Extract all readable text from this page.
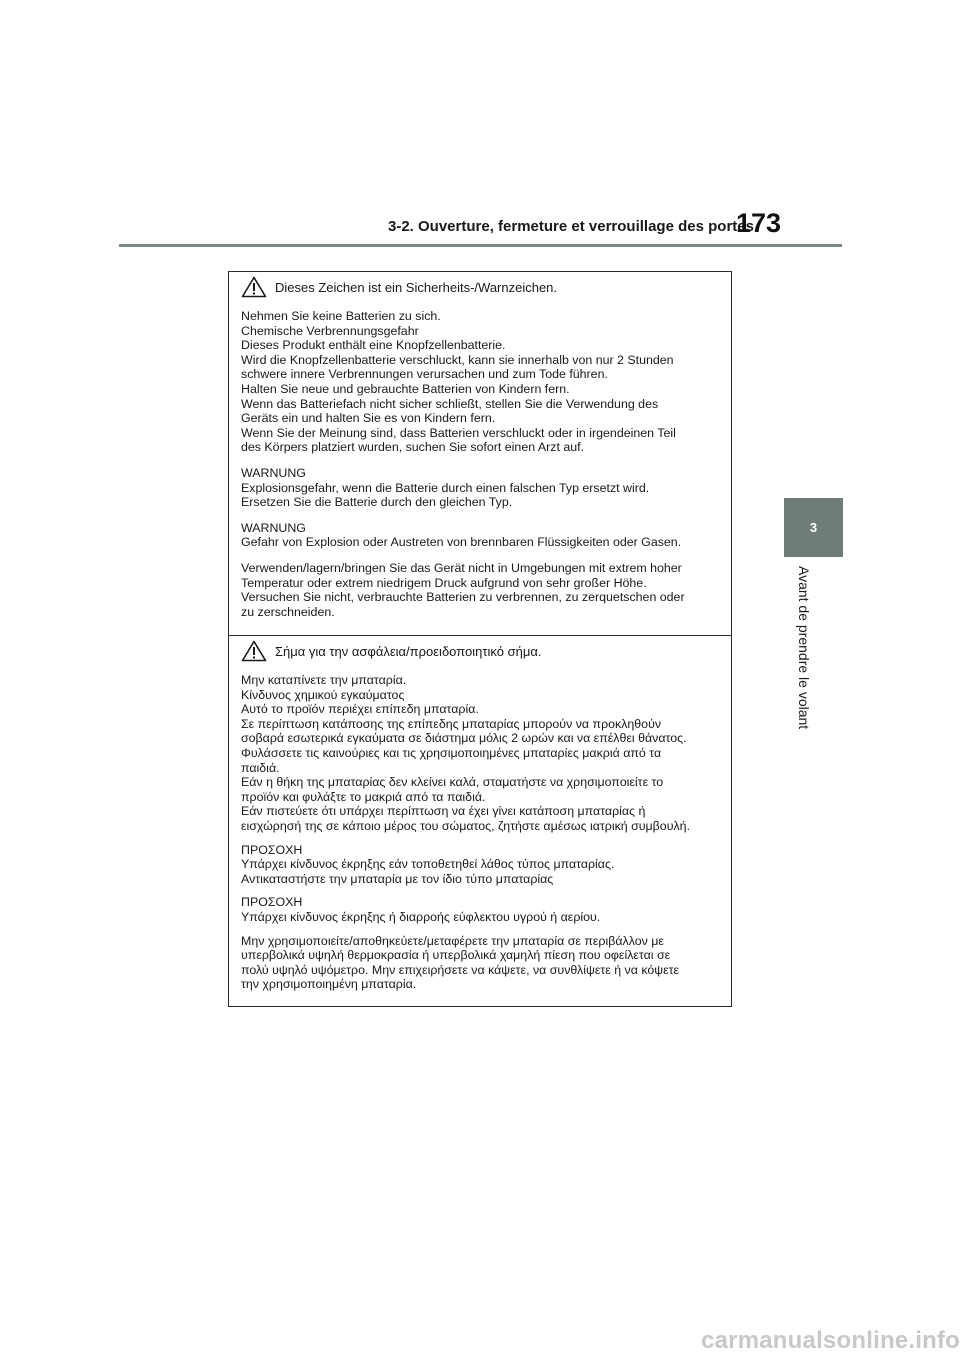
3-2. Ouverture, fermeture et verrouillage des portes
173
3
Avant de prendre le volant
Dieses Zeichen ist ein Sicherheits-/Warnzeichen.

Nehmen Sie keine Batterien zu sich.

Chemische Verbrennungsgefahr

Dieses Produkt enthält eine Knopfzellenbatterie.

Wird die Knopfzellenbatterie verschluckt, kann sie innerhalb von nur 2 Stunden

schwere innere Verbrennungen verursachen und zum Tode führen.

Halten Sie neue und gebrauchte Batterien von Kindern fern.

Wenn das Batteriefach nicht sicher schließt, stellen Sie die Verwendung des

Geräts ein und halten Sie es von Kindern fern.

Wenn Sie der Meinung sind, dass Batterien verschluckt oder in irgendeinen Teil

des Körpers platziert wurden, suchen Sie sofort einen Arzt auf.

WARNUNG

Explosionsgefahr, wenn die Batterie durch einen falschen Typ ersetzt wird.

Ersetzen Sie die Batterie durch den gleichen Typ.

WARNUNG

Gefahr von Explosion oder Austreten von brennbaren Flüssigkeiten oder Gasen.

Verwenden/lagern/bringen Sie das Gerät nicht in Umgebungen mit extrem hoher

Temperatur oder extrem niedrigem Druck aufgrund von sehr großer Höhe.

Versuchen Sie nicht, verbrauchte Batterien zu verbrennen, zu zerquetschen oder

zu zerschneiden.

Σήμα για την ασφάλεια/προειδοποιητικό σήμα.

Μην καταπίνετε την μπαταρία.

Κίνδυνος χημικού εγκαύματος

Αυτό το προϊόν περιέχει επίπεδη μπαταρία.

Σε περίπτωση κατάποσης της επίπεδης μπαταρίας μπορούν να προκληθούν

σοβαρά εσωτερικά εγκαύματα σε διάστημα μόλις 2 ωρών και να επέλθει θάνατος.

Φυλάσσετε τις καινούριες και τις χρησιμοποιημένες μπαταρίες μακριά από τα

παιδιά.

Εάν η θήκη της μπαταρίας δεν κλείνει καλά, σταματήστε να χρησιμοποιείτε το

προϊόν και φυλάξτε το μακριά από τα παιδιά.

Εάν πιστεύετε ότι υπάρχει περίπτωση να έχει γίνει κατάποση μπαταρίας ή

εισχώρησή της σε κάποιο μέρος του σώματος, ζητήστε αμέσως ιατρική συμβουλή.

ΠΡΟΣΟΧΗ

Υπάρχει κίνδυνος έκρηξης εάν τοποθετηθεί λάθος τύπος μπαταρίας.

Αντικαταστήστε την μπαταρία με τον ίδιο τύπο μπαταρίας

ΠΡΟΣΟΧΗ

Υπάρχει κίνδυνος έκρηξης ή διαρροής εύφλεκτου υγρού ή αερίου.

Μην χρησιμοποιείτε/αποθηκεύετε/μεταφέρετε την μπαταρία σε περιβάλλον με

υπερβολικά υψηλή θερμοκρασία ή υπερβολικά χαμηλή πίεση που οφείλεται σε

πολύ υψηλό υψόμετρο. Μην επιχειρήσετε να κάψετε, να συνθλίψετε ή να κόψετε

την χρησιμοποιημένη μπαταρία.

carmanualsonline.info
